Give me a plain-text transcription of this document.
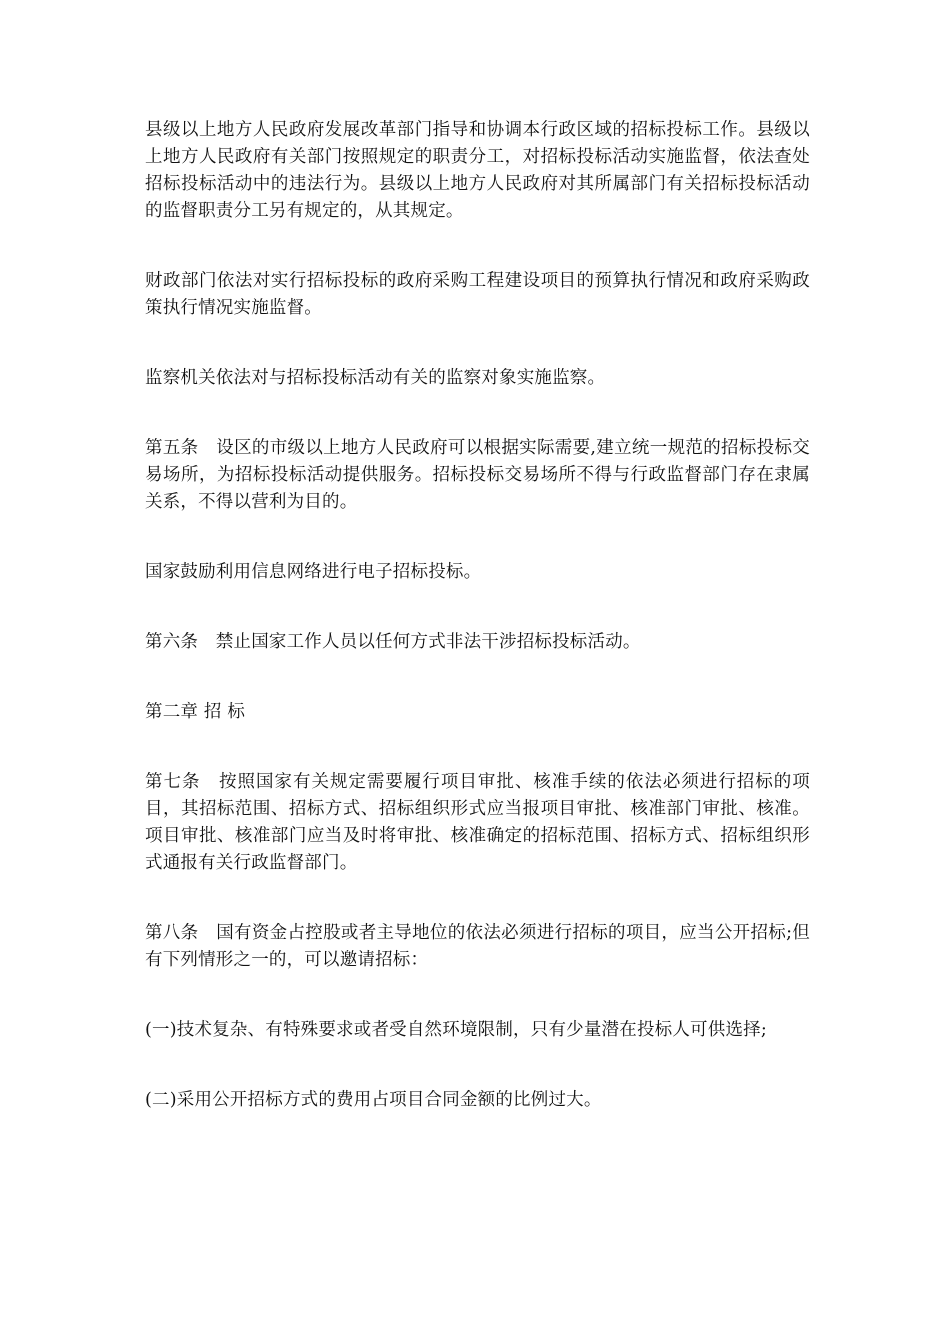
县级以上地方人民政府发展改革部门指导和协调本行政区域的招标投标工作。县级以上地方人民政府有关部门按照规定的职责分工，对招标投标活动实施监督，依法查处招标投标活动中的违法行为。县级以上地方人民政府对其所属部门有关招标投标活动的监督职责分工另有规定的，从其规定。

财政部门依法对实行招标投标的政府采购工程建设项目的预算执行情况和政府采购政策执行情况实施监督。

监察机关依法对与招标投标活动有关的监察对象实施监察。

第五条　设区的市级以上地方人民政府可以根据实际需要,建立统一规范的招标投标交易场所，为招标投标活动提供服务。招标投标交易场所不得与行政监督部门存在隶属关系，不得以营利为目的。

国家鼓励利用信息网络进行电子招标投标。

第六条　禁止国家工作人员以任何方式非法干涉招标投标活动。

第二章 招 标

第七条　按照国家有关规定需要履行项目审批、核准手续的依法必须进行招标的项目，其招标范围、招标方式、招标组织形式应当报项目审批、核准部门审批、核准。项目审批、核准部门应当及时将审批、核准确定的招标范围、招标方式、招标组织形式通报有关行政监督部门。

第八条　国有资金占控股或者主导地位的依法必须进行招标的项目，应当公开招标;但有下列情形之一的，可以邀请招标：

(一)技术复杂、有特殊要求或者受自然环境限制，只有少量潜在投标人可供选择;

(二)采用公开招标方式的费用占项目合同金额的比例过大。
